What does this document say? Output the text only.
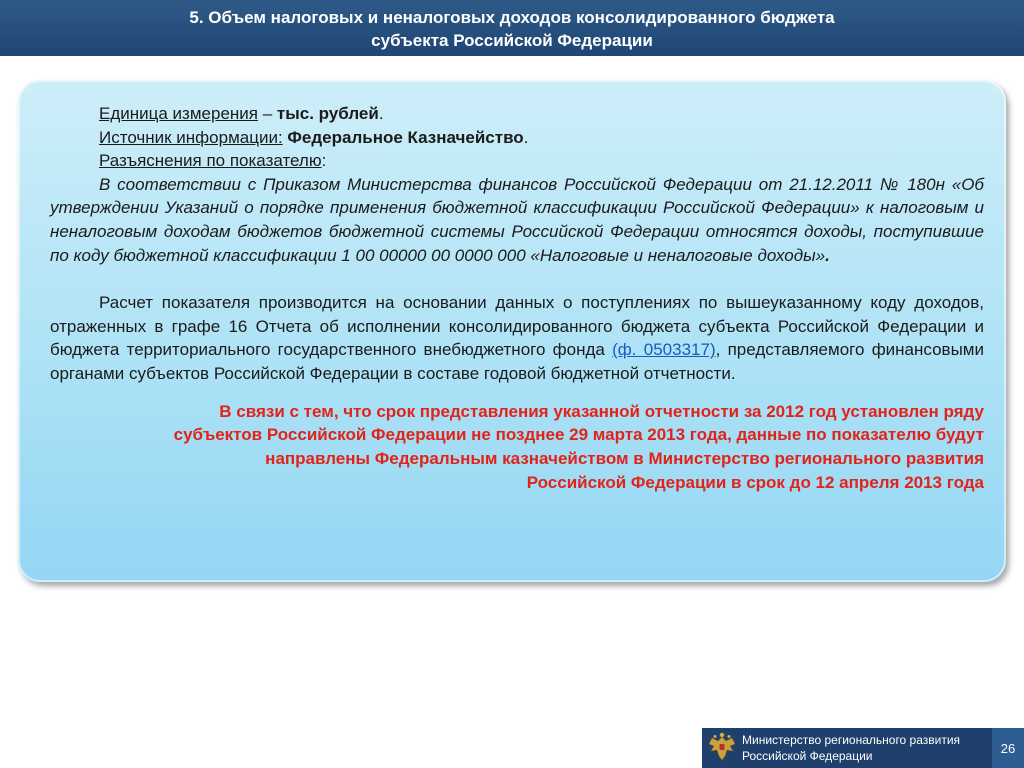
5. Объем налоговых и неналоговых доходов консолидированного бюджета
субъекта Российской Федерации
Единица измерения – тыс. рублей.
Источник информации: Федеральное Казначейство.
Разъяснения по показателю:

В соответствии с Приказом Министерства финансов Российской Федерации от 21.12.2011 № 180н «Об утверждении Указаний о порядке применения бюджетной классификации Российской Федерации» к налоговым и неналоговым доходам бюджетов бюджетной системы Российской Федерации относятся доходы, поступившие по коду бюджетной классификации 1 00 00000 00 0000 000 «Налоговые и неналоговые доходы».

Расчет показателя производится на основании данных о поступлениях по вышеуказанному коду доходов, отраженных в графе 16 Отчета об исполнении консолидированного бюджета субъекта Российской Федерации и бюджета территориального государственного внебюджетного фонда (ф. 0503317), представляемого финансовыми органами субъектов Российской Федерации в составе годовой бюджетной отчетности.

В связи с тем, что срок представления указанной отчетности за 2012 год установлен ряду

субъектов Российской Федерации не позднее 29 марта 2013 года, данные по показателю будут

направлены Федеральным казначейством в Министерство регионального развития

Российской Федерации в срок до 12 апреля 2013 года

Министерство регионального развития
Российской Федерации
26
